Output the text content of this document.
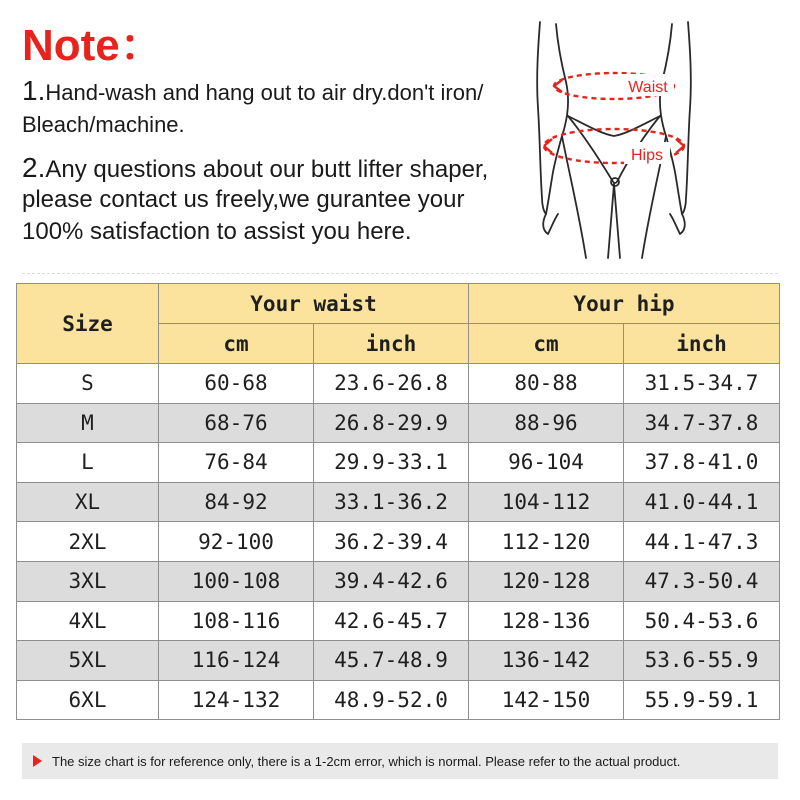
Note：

1.Hand-wash and hang out to air dry.don't iron/

Bleach/machine.

2.Any questions about our butt lifter shaper,

please contact us freely,we gurantee your

100% satisfaction to assist you here.

Waist
Hips
Size	Your waist		Your hip	
	cm	inch	cm	inch
S	60-68	23.6-26.8	80-88	31.5-34.7
M	68-76	26.8-29.9	88-96	34.7-37.8
L	76-84	29.9-33.1	96-104	37.8-41.0
XL	84-92	33.1-36.2	104-112	41.0-44.1
2XL	92-100	36.2-39.4	112-120	44.1-47.3
3XL	100-108	39.4-42.6	120-128	47.3-50.4
4XL	108-116	42.6-45.7	128-136	50.4-53.6
5XL	116-124	45.7-48.9	136-142	53.6-55.9
6XL	124-132	48.9-52.0	142-150	55.9-59.1
The size chart is for reference only, there is a 1-2cm error, which is normal. Please refer to the actual product.
